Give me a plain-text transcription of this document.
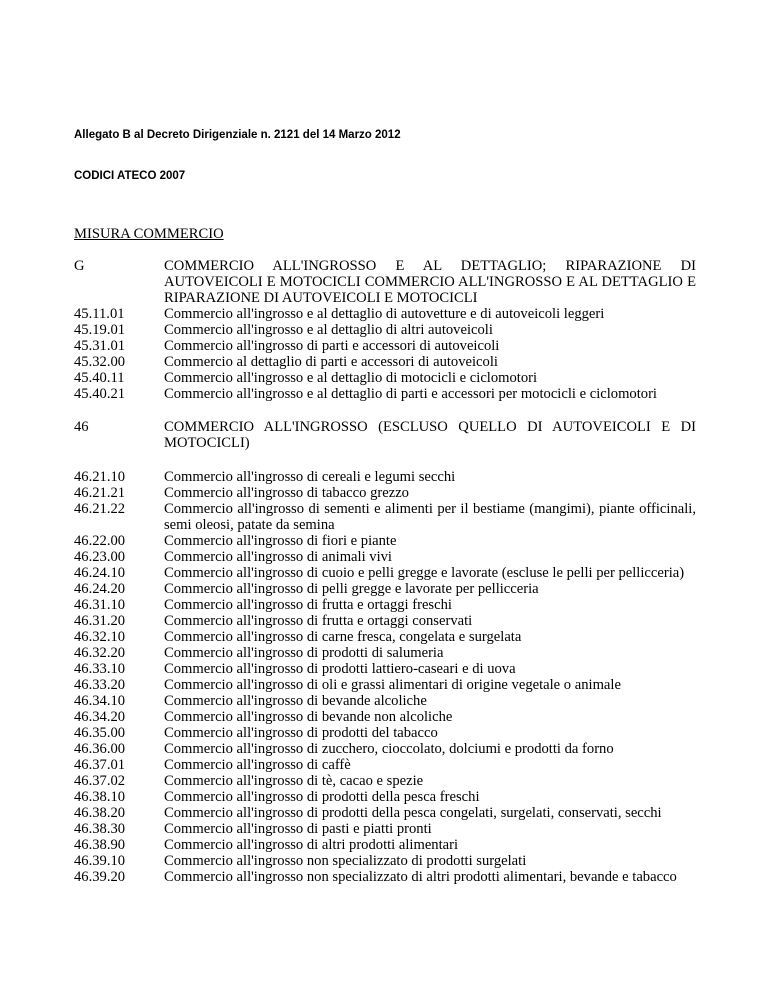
Allegato B al Decreto Dirigenziale n. 2121 del 14 Marzo 2012
CODICI ATECO 2007
MISURA COMMERCIO
G	COMMERCIO ALL'INGROSSO E AL DETTAGLIO; RIPARAZIONE DI AUTOVEICOLI E MOTOCICLI COMMERCIO ALL'INGROSSO E AL DETTAGLIO E RIPARAZIONE DI AUTOVEICOLI E MOTOCICLI
45.11.01	Commercio all'ingrosso e al dettaglio di autovetture e di autoveicoli leggeri
45.19.01	Commercio all'ingrosso e al dettaglio di altri autoveicoli
45.31.01	Commercio all'ingrosso di parti e accessori di autoveicoli
45.32.00	Commercio al dettaglio di parti e accessori di autoveicoli
45.40.11	Commercio all'ingrosso e al dettaglio di motocicli e ciclomotori
45.40.21	Commercio all'ingrosso e al dettaglio di parti e accessori per motocicli e ciclomotori
46	COMMERCIO ALL'INGROSSO (ESCLUSO QUELLO DI AUTOVEICOLI E DI MOTOCICLI)
46.21.10	Commercio all'ingrosso di cereali e legumi secchi
46.21.21	Commercio all'ingrosso di tabacco grezzo
46.21.22	Commercio all'ingrosso di sementi e alimenti per il bestiame (mangimi), piante officinali, semi oleosi, patate da semina
46.22.00	Commercio all'ingrosso di fiori e piante
46.23.00	Commercio all'ingrosso di animali vivi
46.24.10	Commercio all'ingrosso di cuoio e pelli gregge e lavorate (escluse le pelli per pellicceria)
46.24.20	Commercio all'ingrosso di pelli gregge e lavorate per pellicceria
46.31.10	Commercio all'ingrosso di frutta e ortaggi freschi
46.31.20	Commercio all'ingrosso di frutta e ortaggi conservati
46.32.10	Commercio all'ingrosso di carne fresca, congelata e surgelata
46.32.20	Commercio all'ingrosso di prodotti di salumeria
46.33.10	Commercio all'ingrosso di prodotti lattiero-caseari e di uova
46.33.20	Commercio all'ingrosso di oli e grassi alimentari di origine vegetale o animale
46.34.10	Commercio all'ingrosso di bevande alcoliche
46.34.20	Commercio all'ingrosso di bevande non alcoliche
46.35.00	Commercio all'ingrosso di prodotti del tabacco
46.36.00	Commercio all'ingrosso di zucchero, cioccolato, dolciumi e prodotti da forno
46.37.01	Commercio all'ingrosso di caffè
46.37.02	Commercio all'ingrosso di tè, cacao e spezie
46.38.10	Commercio all'ingrosso di prodotti della pesca freschi
46.38.20	Commercio all'ingrosso di prodotti della pesca congelati, surgelati, conservati, secchi
46.38.30	Commercio all'ingrosso di pasti e piatti pronti
46.38.90	Commercio all'ingrosso di altri prodotti alimentari
46.39.10	Commercio all'ingrosso non specializzato di prodotti surgelati
46.39.20	Commercio all'ingrosso non specializzato di altri prodotti alimentari, bevande e tabacco
